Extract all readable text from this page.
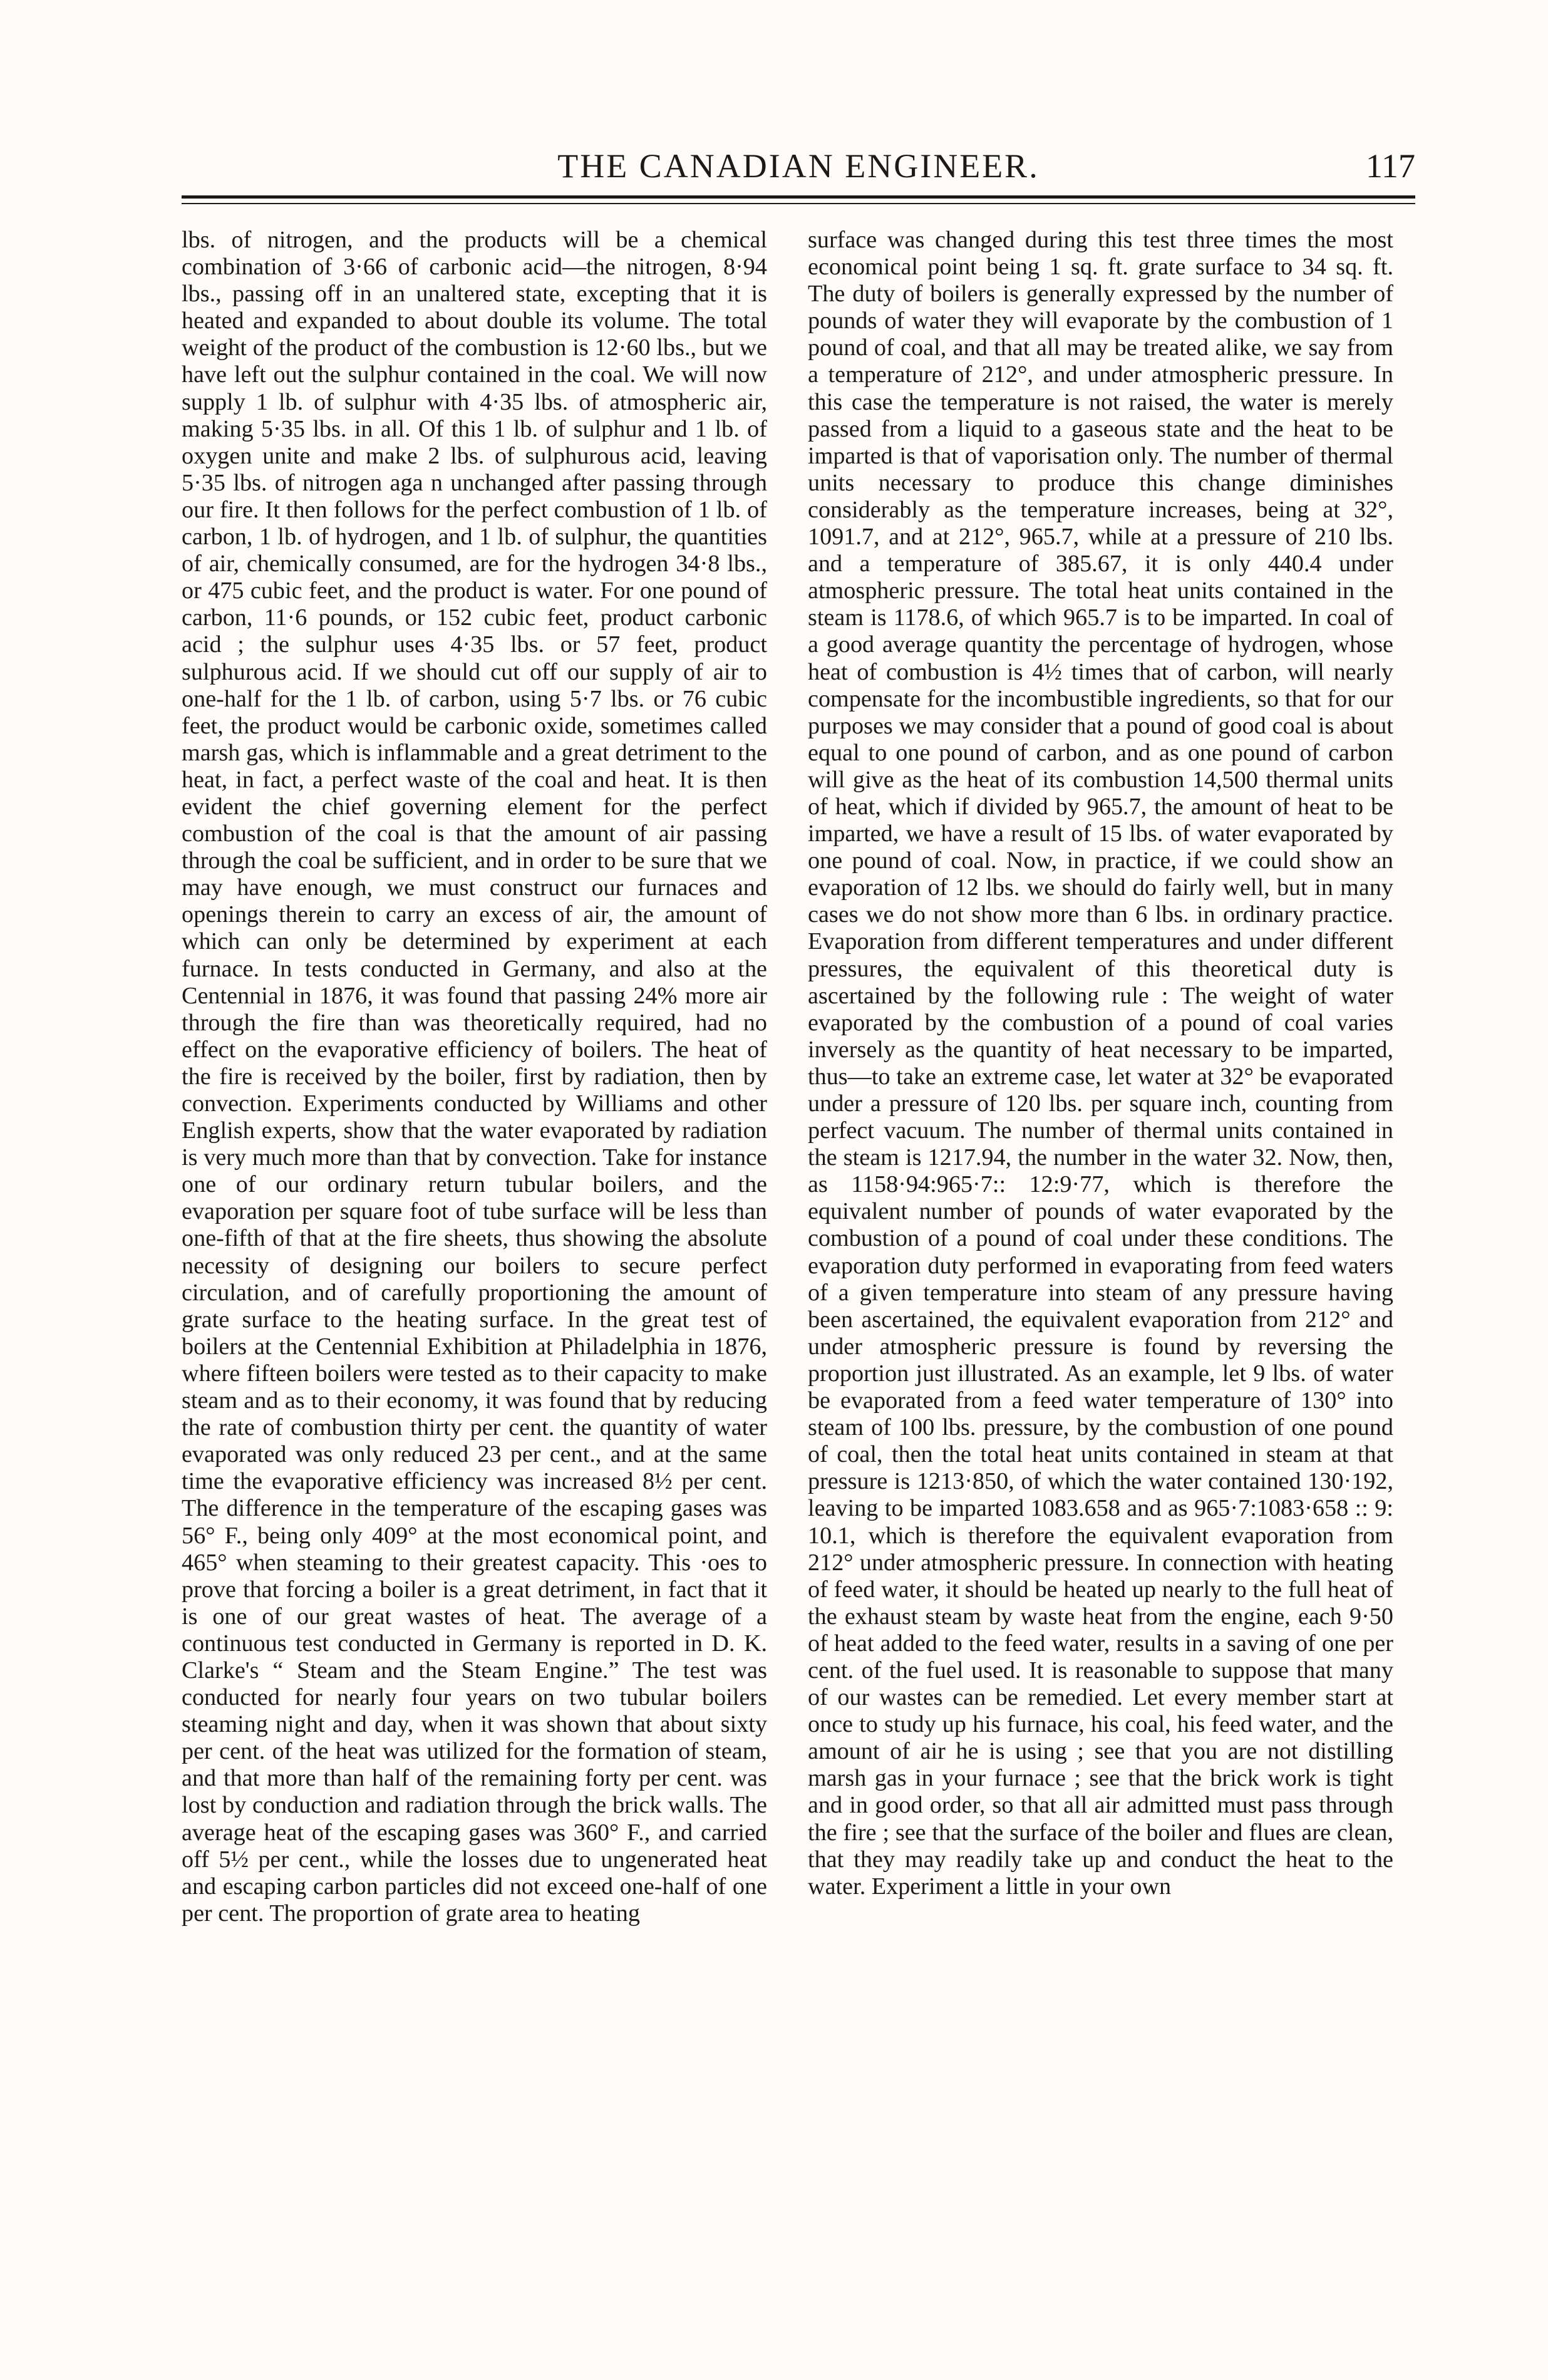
THE CANADIAN ENGINEER.	117

lbs. of nitrogen, and the products will be a chemical combination of 3·66 of carbonic acid—the nitrogen, 8·94 lbs., passing off in an unaltered state, excepting that it is heated and expanded to about double its volume. The total weight of the product of the combustion is 12·60 lbs., but we have left out the sulphur contained in the coal. We will now supply 1 lb. of sulphur with 4·35 lbs. of atmospheric air, making 5·35 lbs. in all. Of this 1 lb. of sulphur and 1 lb. of oxygen unite and make 2 lbs. of sulphurous acid, leaving 5·35 lbs. of nitrogen aga n unchanged after passing through our fire. It then follows for the perfect combustion of 1 lb. of carbon, 1 lb. of hydrogen, and 1 lb. of sulphur, the quantities of air, chemically consumed, are for the hydrogen 34·8 lbs., or 475 cubic feet, and the product is water. For one pound of carbon, 11·6 pounds, or 152 cubic feet, product carbonic acid ; the sulphur uses 4·35 lbs. or 57 feet, product sulphurous acid. If we should cut off our supply of air to one-half for the 1 lb. of carbon, using 5·7 lbs. or 76 cubic feet, the product would be carbonic oxide, sometimes called marsh gas, which is inflammable and a great detriment to the heat, in fact, a perfect waste of the coal and heat. It is then evident the chief governing element for the perfect combustion of the coal is that the amount of air passing through the coal be sufficient, and in order to be sure that we may have enough, we must construct our furnaces and openings therein to carry an excess of air, the amount of which can only be determined by experiment at each furnace. In tests conducted in Germany, and also at the Centennial in 1876, it was found that passing 24% more air through the fire than was theoretically required, had no effect on the evaporative efficiency of boilers. The heat of the fire is received by the boiler, first by radiation, then by convection. Experiments conducted by Williams and other English experts, show that the water evaporated by radiation is very much more than that by convection. Take for instance one of our ordinary return tubular boilers, and the evaporation per square foot of tube surface will be less than one-fifth of that at the fire sheets, thus showing the absolute necessity of designing our boilers to secure perfect circulation, and of carefully proportioning the amount of grate surface to the heating surface. In the great test of boilers at the Centennial Exhibition at Philadelphia in 1876, where fifteen boilers were tested as to their capacity to make steam and as to their economy, it was found that by reducing the rate of combustion thirty per cent. the quantity of water evaporated was only reduced 23 per cent., and at the same time the evaporative efficiency was increased 8½ per cent. The difference in the temperature of the escaping gases was 56° F., being only 409° at the most economical point, and 465° when steaming to their greatest capacity. This ·oes to prove that forcing a boiler is a great detriment, in fact that it is one of our great wastes of heat. The average of a continuous test conducted in Germany is reported in D. K. Clarke's “ Steam and the Steam Engine.” The test was conducted for nearly four years on two tubular boilers steaming night and day, when it was shown that about sixty per cent. of the heat was utilized for the formation of steam, and that more than half of the remaining forty per cent. was lost by conduction and radiation through the brick walls. The average heat of the escaping gases was 360° F., and carried off 5½ per cent., while the losses due to ungenerated heat and escaping carbon particles did not exceed one-half of one per cent. The proportion of grate area to heating

surface was changed during this test three times the most economical point being 1 sq. ft. grate surface to 34 sq. ft. The duty of boilers is generally expressed by the number of pounds of water they will evaporate by the combustion of 1 pound of coal, and that all may be treated alike, we say from a temperature of 212°, and under atmospheric pressure. In this case the temperature is not raised, the water is merely passed from a liquid to a gaseous state and the heat to be imparted is that of vaporisation only. The number of thermal units necessary to produce this change diminishes considerably as the temperature increases, being at 32°, 1091.7, and at 212°, 965.7, while at a pressure of 210 lbs. and a temperature of 385.67, it is only 440.4 under atmospheric pressure. The total heat units contained in the steam is 1178.6, of which 965.7 is to be imparted. In coal of a good average quantity the percentage of hydrogen, whose heat of combustion is 4½ times that of carbon, will nearly compensate for the incombustible ingredients, so that for our purposes we may consider that a pound of good coal is about equal to one pound of carbon, and as one pound of carbon will give as the heat of its combustion 14,500 thermal units of heat, which if divided by 965.7, the amount of heat to be imparted, we have a result of 15 lbs. of water evaporated by one pound of coal. Now, in practice, if we could show an evaporation of 12 lbs. we should do fairly well, but in many cases we do not show more than 6 lbs. in ordinary practice. Evaporation from different temperatures and under different pressures, the equivalent of this theoretical duty is ascertained by the following rule : The weight of water evaporated by the combustion of a pound of coal varies inversely as the quantity of heat necessary to be imparted, thus—to take an extreme case, let water at 32° be evaporated under a pressure of 120 lbs. per square inch, counting from perfect vacuum. The number of thermal units contained in the steam is 1217.94, the number in the water 32. Now, then, as 1158·94:965·7:: 12:9·77, which is therefore the equivalent number of pounds of water evaporated by the combustion of a pound of coal under these conditions. The evaporation duty performed in evaporating from feed waters of a given temperature into steam of any pressure having been ascertained, the equivalent evaporation from 212° and under atmospheric pressure is found by reversing the proportion just illustrated. As an example, let 9 lbs. of water be evaporated from a feed water temperature of 130° into steam of 100 lbs. pressure, by the combustion of one pound of coal, then the total heat units contained in steam at that pressure is 1213·850, of which the water contained 130·192, leaving to be imparted 1083.658 and as 965·7:1083·658 :: 9: 10.1, which is therefore the equivalent evaporation from 212° under atmospheric pressure. In connection with heating of feed water, it should be heated up nearly to the full heat of the exhaust steam by waste heat from the engine, each 9·50 of heat added to the feed water, results in a saving of one per cent. of the fuel used. It is reasonable to suppose that many of our wastes can be remedied. Let every member start at once to study up his furnace, his coal, his feed water, and the amount of air he is using ; see that you are not distilling marsh gas in your furnace ; see that the brick work is tight and in good order, so that all air admitted must pass through the fire ; see that the surface of the boiler and flues are clean, that they may readily take up and conduct the heat to the water. Experiment a little in your own
